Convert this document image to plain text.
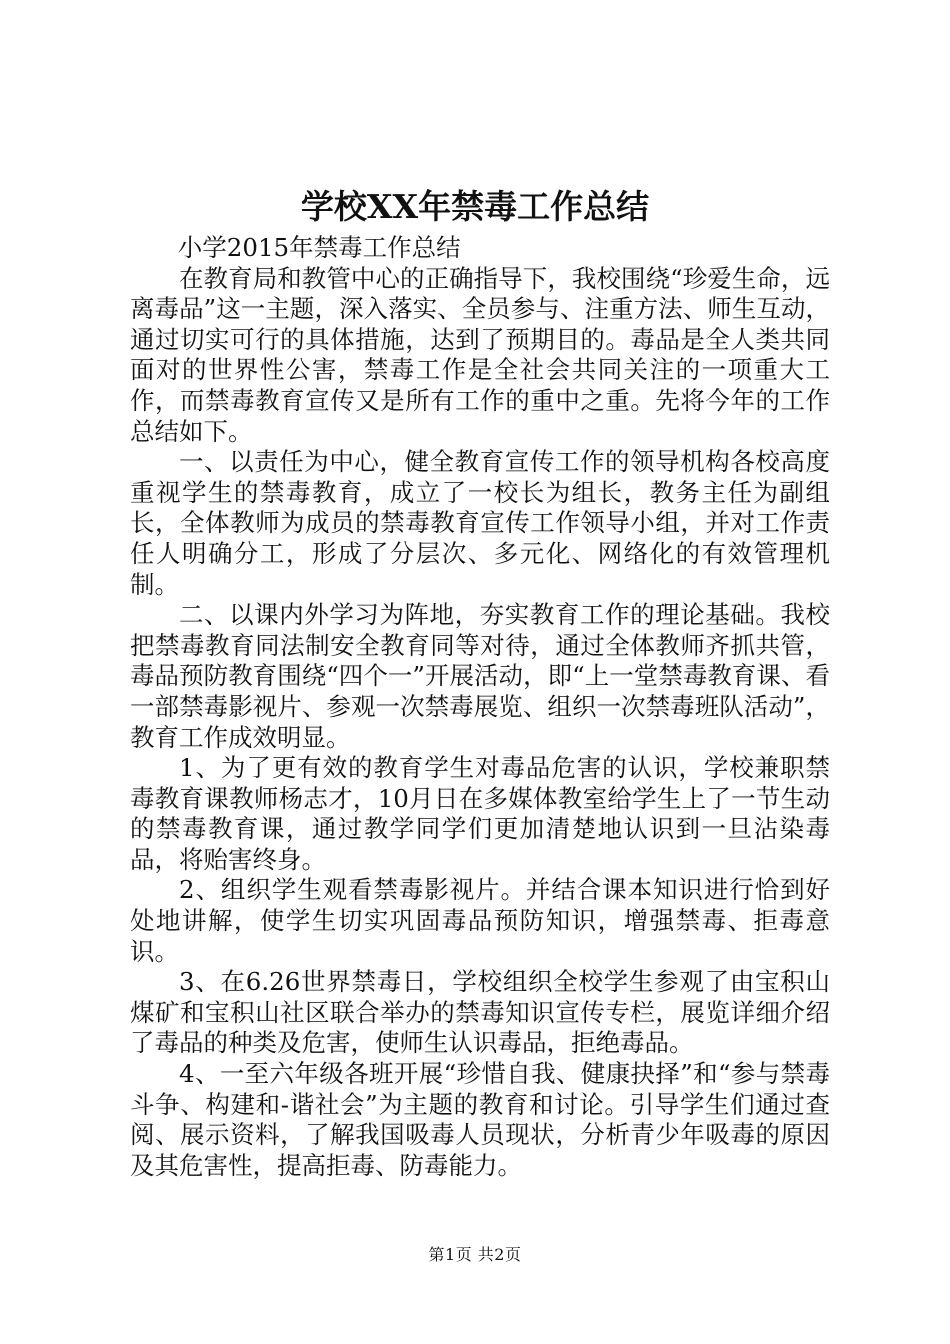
学校XX年禁毒工作总结

小学2015年禁毒工作总结

在教育局和教管中心的正确指导下，我校围绕“珍爱生命，远离毒品”这一主题，深入落实、全员参与、注重方法、师生互动，通过切实可行的具体措施，达到了预期目的。毒品是全人类共同面对的世界性公害，禁毒工作是全社会共同关注的一项重大工作，而禁毒教育宣传又是所有工作的重中之重。先将今年的工作总结如下。

一、以责任为中心，健全教育宣传工作的领导机构各校高度重视学生的禁毒教育，成立了一校长为组长，教务主任为副组长，全体教师为成员的禁毒教育宣传工作领导小组，并对工作责任人明确分工，形成了分层次、多元化、网络化的有效管理机制。

二、以课内外学习为阵地，夯实教育工作的理论基础。我校把禁毒教育同法制安全教育同等对待，通过全体教师齐抓共管，毒品预防教育围绕“四个一”开展活动，即“上一堂禁毒教育课、看一部禁毒影视片、参观一次禁毒展览、组织一次禁毒班队活动”，教育工作成效明显。

1、为了更有效的教育学生对毒品危害的认识，学校兼职禁毒教育课教师杨志才，10月日在多媒体教室给学生上了一节生动的禁毒教育课，通过教学同学们更加清楚地认识到一旦沾染毒品，将贻害终身。

2、组织学生观看禁毒影视片。并结合课本知识进行恰到好处地讲解，使学生切实巩固毒品预防知识，增强禁毒、拒毒意识。

3、在6.26世界禁毒日，学校组织全校学生参观了由宝积山煤矿和宝积山社区联合举办的禁毒知识宣传专栏，展览详细介绍了毒品的种类及危害，使师生认识毒品，拒绝毒品。

4、一至六年级各班开展“珍惜自我、健康抉择”和“参与禁毒斗争、构建和-谐社会”为主题的教育和讨论。引导学生们通过查阅、展示资料，了解我国吸毒人员现状，分析青少年吸毒的原因及其危害性，提高拒毒、防毒能力。

第1页 共2页
